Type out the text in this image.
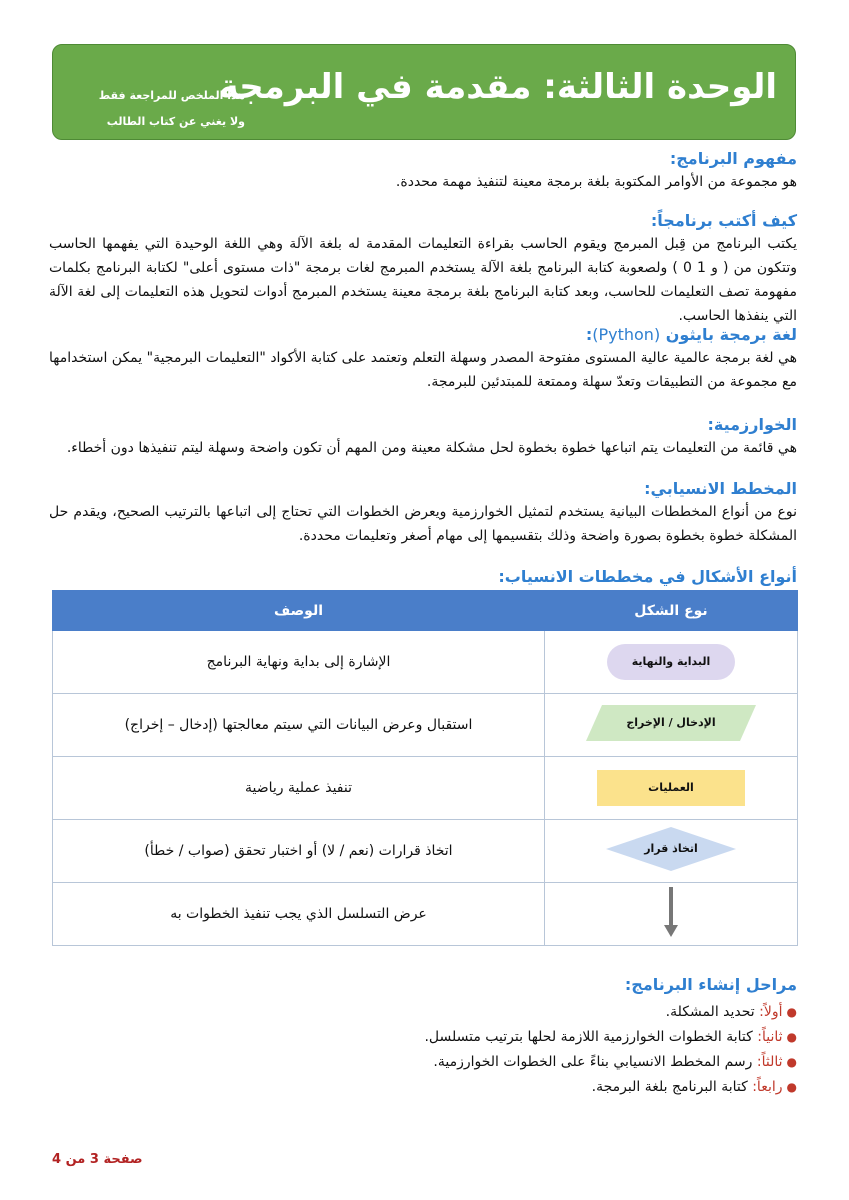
الوحدة الثالثة: مقدمة في البرمجة
هذا الملخص للمراجعة فقط
ولا يغني عن كتاب الطالب
مفهوم البرنامج:

هو مجموعة من الأوامر المكتوبة بلغة برمجة معينة لتنفيذ مهمة محددة.

كيف أكتب برنامجاً:

يكتب البرنامج من قِبل المبرمج ويقوم الحاسب بقراءة التعليمات المقدمة له بلغة الآلة وهي اللغة الوحيدة التي يفهمها الحاسب وتتكون من ( 0 و 1 ) ولصعوبة كتابة البرنامج بلغة الآلة يستخدم المبرمج لغات برمجة "ذات مستوى أعلى" لكتابة البرنامج بكلمات مفهومة تصف التعليمات للحاسب، وبعد كتابة البرنامج بلغة برمجة معينة يستخدم المبرمج أدوات لتحويل هذه التعليمات إلى لغة الآلة التي ينفذها الحاسب.

لغة برمجة بايثون (Python):

هي لغة برمجة عالمية عالية المستوى مفتوحة المصدر وسهلة التعلم وتعتمد على كتابة الأكواد "التعليمات البرمجية" يمكن استخدامها مع مجموعة من التطبيقات وتعدّ سهلة وممتعة للمبتدئين للبرمجة.

الخوارزمية:

هي قائمة من التعليمات يتم اتباعها خطوة بخطوة لحل مشكلة معينة ومن المهم أن تكون واضحة وسهلة ليتم تنفيذها دون أخطاء.

المخطط الانسيابي:

نوع من أنواع المخططات البيانية يستخدم لتمثيل الخوارزمية ويعرض الخطوات التي تحتاج إلى اتباعها بالترتيب الصحيح، ويقدم حل المشكلة خطوة بخطوة بصورة واضحة وذلك بتقسيمها إلى مهام أصغر وتعليمات محددة.

أنواع الأشكال في مخططات الانسياب:
نوع الشكل	الوصف
البداية والنهاية	الإشارة إلى بداية ونهاية البرنامج

الإدخال / الإخراج	استقبال وعرض البيانات التي سيتم معالجتها (إدخال – إخراج)
العمليات	تنفيذ عملية رياضية

اتخاذ قرار	اتخاذ قرارات (نعم / لا) أو اختبار تحقق (صواب / خطأ)
	عرض التسلسل الذي يجب تنفيذ الخطوات به
مراحل إنشاء البرنامج:
●أولاً: تحديد المشكلة.
●ثانياً: كتابة الخطوات الخوارزمية اللازمة لحلها بترتيب متسلسل.
●ثالثاً: رسم المخطط الانسيابي بناءً على الخطوات الخوارزمية.
●رابعاً: كتابة البرنامج بلغة البرمجة.
صفحة 3 من 4
